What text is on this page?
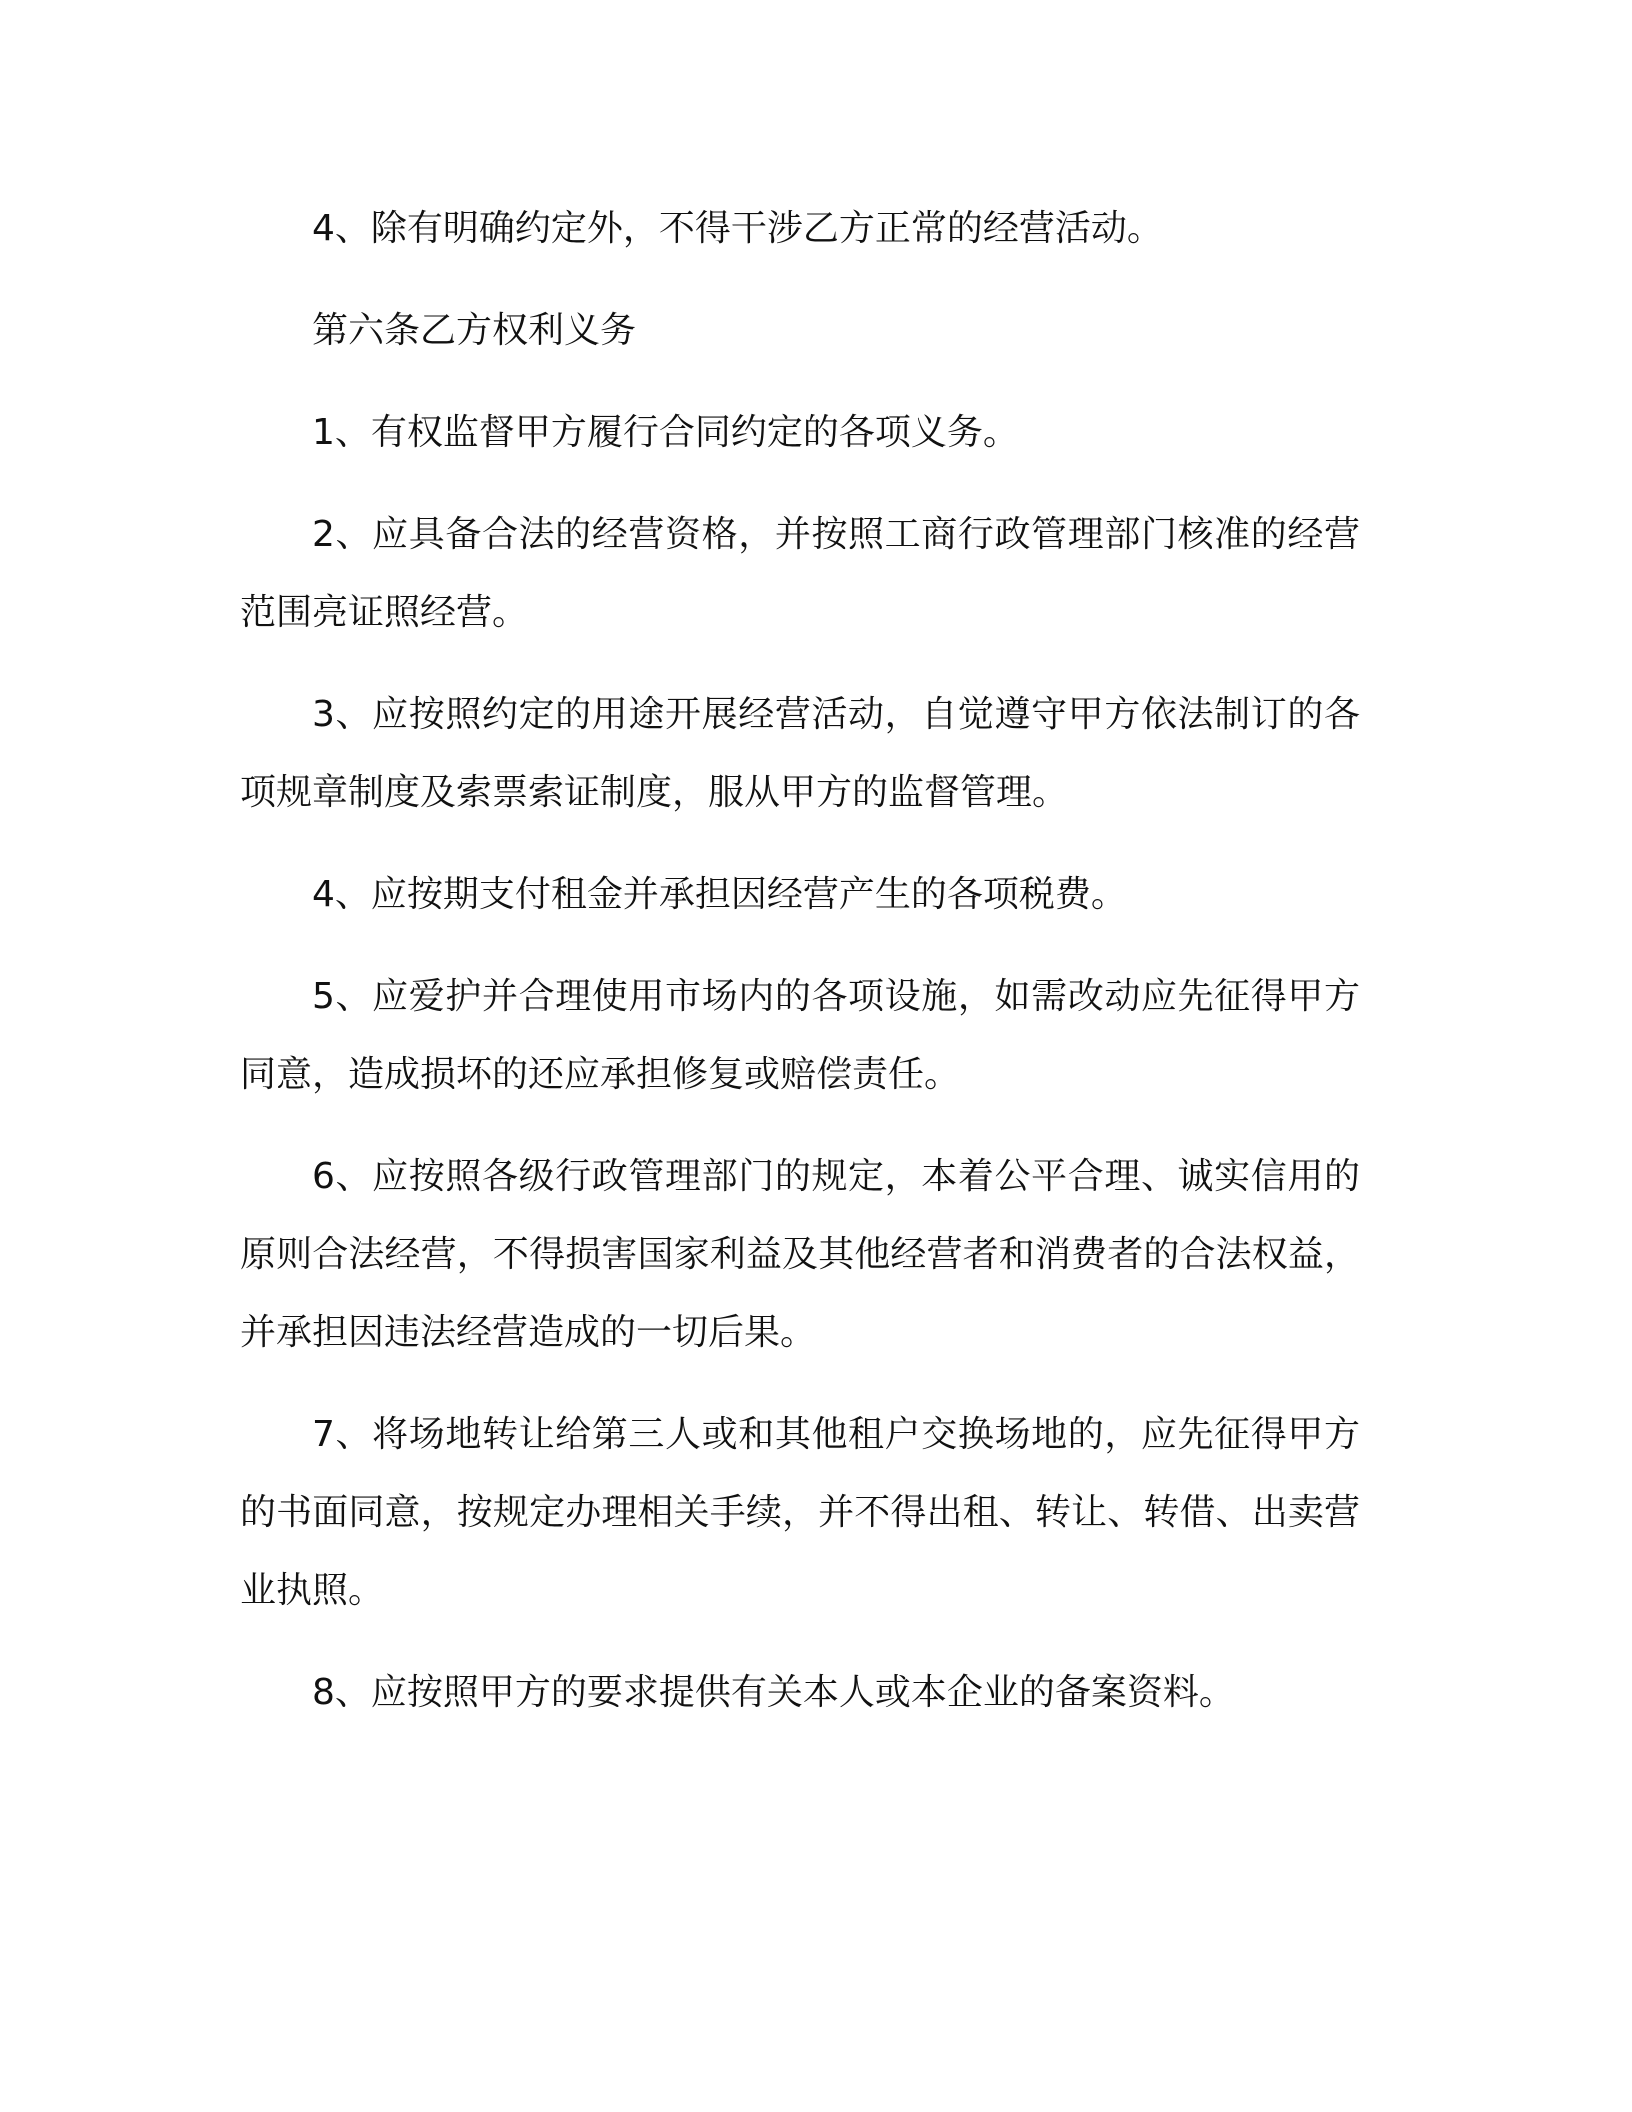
4、除有明确约定外，不得干涉乙方正常的经营活动。

第六条乙方权利义务

1、有权监督甲方履行合同约定的各项义务。

2、应具备合法的经营资格，并按照工商行政管理部门核准的经营范围亮证照经营。

3、应按照约定的用途开展经营活动，自觉遵守甲方依法制订的各项规章制度及索票索证制度，服从甲方的监督管理。

4、应按期支付租金并承担因经营产生的各项税费。

5、应爱护并合理使用市场内的各项设施，如需改动应先征得甲方同意，造成损坏的还应承担修复或赔偿责任。

6、应按照各级行政管理部门的规定，本着公平合理、诚实信用的原则合法经营，不得损害国家利益及其他经营者和消费者的合法权益，并承担因违法经营造成的一切后果。

7、将场地转让给第三人或和其他租户交换场地的，应先征得甲方的书面同意，按规定办理相关手续，并不得出租、转让、转借、出卖营业执照。

8、应按照甲方的要求提供有关本人或本企业的备案资料。
